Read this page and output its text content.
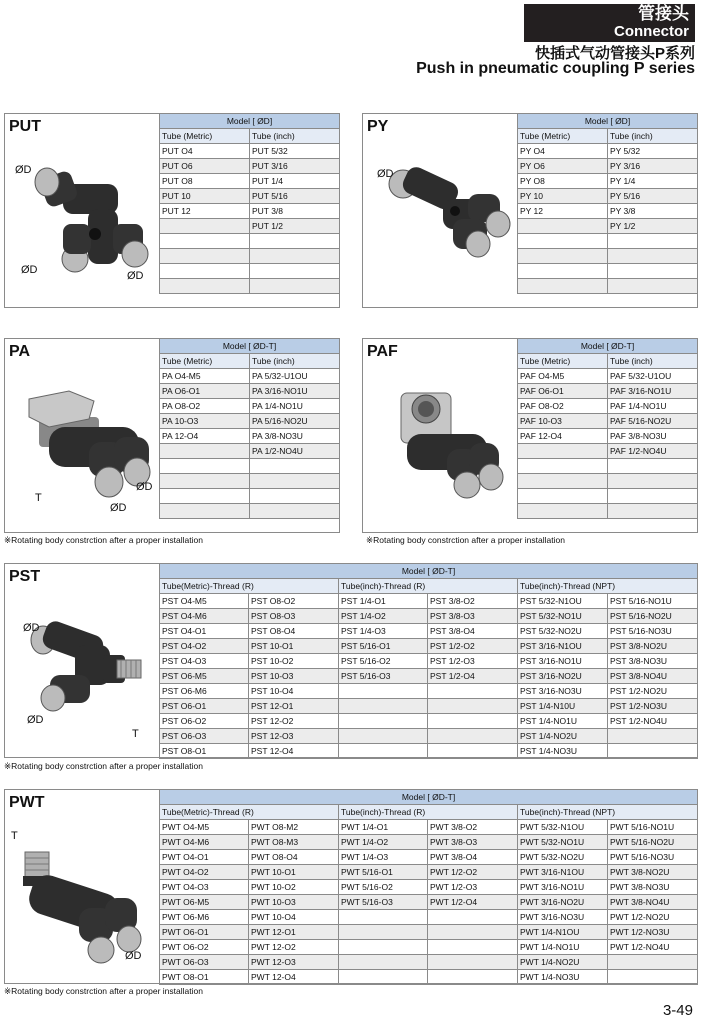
管接头
Connector
快插式气动管接头P系列
Push in pneumatic coupling P series
PUT
ØD
ØD	ØD
Model [ ØD]	
Tube (Metric)	Tube (inch)
PUT O4	PUT 5/32
PUT O6	PUT 3/16
PUT O8	PUT 1/4
PUT 10	PUT 5/16
PUT 12	PUT 3/8
	PUT 1/2

PY
ØD
Model [ ØD]	
Tube (Metric)	Tube (inch)
PY O4	PY 5/32
PY O6	PY 3/16
PY O8	PY 1/4
PY 10	PY 5/16
PY 12	PY 3/8
	PY 1/2

PA
T
ØD
ØD
Model [ ØD-T]	
Tube (Metric)	Tube (inch)
PA O4-M5	PA 5/32-U1OU
PA O6-O1	PA 3/16-NO1U
PA O8-O2	PA 1/4-NO1U
PA 10-O3	PA 5/16-NO2U
PA 12-O4	PA 3/8-NO3U
	PA 1/2-NO4U

※Rotating body constrction after a proper installation
PAF	Model [ ØD-T]	
Tube (Metric)	Tube (inch)
PAF O4-M5	PAF 5/32-U1OU
PAF O6-O1	PAF 3/16-NO1U
PAF O8-O2	PAF 1/4-NO1U
PAF 10-O3	PAF 5/16-NO2U
PAF 12-O4	PAF 3/8-NO3U
	PAF 1/2-NO4U

※Rotating body constrction after a proper installation
PST
ØD
ØD
T
Model [ ØD-T]					
Tube(Metric)-Thread (R)		Tube(inch)-Thread (R)		Tube(inch)-Thread (NPT)	
PST O4-M5	PST O8-O2	PST 1/4-O1	PST 3/8-O2	PST 5/32-N1OU	PST 5/16-NO1U
PST O4-M6	PST O8-O3	PST 1/4-O2	PST 3/8-O3	PST 5/32-NO1U	PST 5/16-NO2U
PST O4-O1	PST O8-O4	PST 1/4-O3	PST 3/8-O4	PST 5/32-NO2U	PST 5/16-NO3U
PST O4-O2	PST 10-O1	PST 5/16-O1	PST 1/2-O2	PST 3/16-N1OU	PST 3/8-NO2U
PST O4-O3	PST 10-O2	PST 5/16-O2	PST 1/2-O3	PST 3/16-NO1U	PST 3/8-NO3U
PST O6-M5	PST 10-O3	PST 5/16-O3	PST 1/2-O4	PST 3/16-NO2U	PST 3/8-NO4U
PST O6-M6	PST 10-O4			PST 3/16-NO3U	PST 1/2-NO2U
PST O6-O1	PST 12-O1			PST 1/4-N10U	PST 1/2-NO3U
PST O6-O2	PST 12-O2			PST 1/4-NO1U	PST 1/2-NO4U
PST O6-O3	PST 12-O3			PST 1/4-NO2U	
PST O8-O1	PST 12-O4			PST 1/4-NO3U	
※Rotating body constrction after a proper installation
PWT
T
ØD
Model [ ØD-T]					
Tube(Metric)-Thread (R)		Tube(inch)-Thread (R)		Tube(inch)-Thread (NPT)	
PWT O4-M5	PWT O8-M2	PWT 1/4-O1	PWT 3/8-O2	PWT 5/32-N1OU	PWT 5/16-NO1U
PWT O4-M6	PWT O8-M3	PWT 1/4-O2	PWT 3/8-O3	PWT 5/32-NO1U	PWT 5/16-NO2U
PWT O4-O1	PWT O8-O4	PWT 1/4-O3	PWT 3/8-O4	PWT 5/32-NO2U	PWT 5/16-NO3U
PWT O4-O2	PWT 10-O1	PWT 5/16-O1	PWT 1/2-O2	PWT 3/16-N1OU	PWT 3/8-NO2U
PWT O4-O3	PWT 10-O2	PWT 5/16-O2	PWT 1/2-O3	PWT 3/16-NO1U	PWT 3/8-NO3U
PWT O6-M5	PWT 10-O3	PWT 5/16-O3	PWT 1/2-O4	PWT 3/16-NO2U	PWT 3/8-NO4U
PWT O6-M6	PWT 10-O4			PWT 3/16-NO3U	PWT 1/2-NO2U
PWT O6-O1	PWT 12-O1			PWT 1/4-N1OU	PWT 1/2-NO3U
PWT O6-O2	PWT 12-O2			PWT 1/4-NO1U	PWT 1/2-NO4U
PWT O6-O3	PWT 12-O3			PWT 1/4-NO2U	
PWT O8-O1	PWT 12-O4			PWT 1/4-NO3U	
※Rotating body constrction after a proper installation
3-49
